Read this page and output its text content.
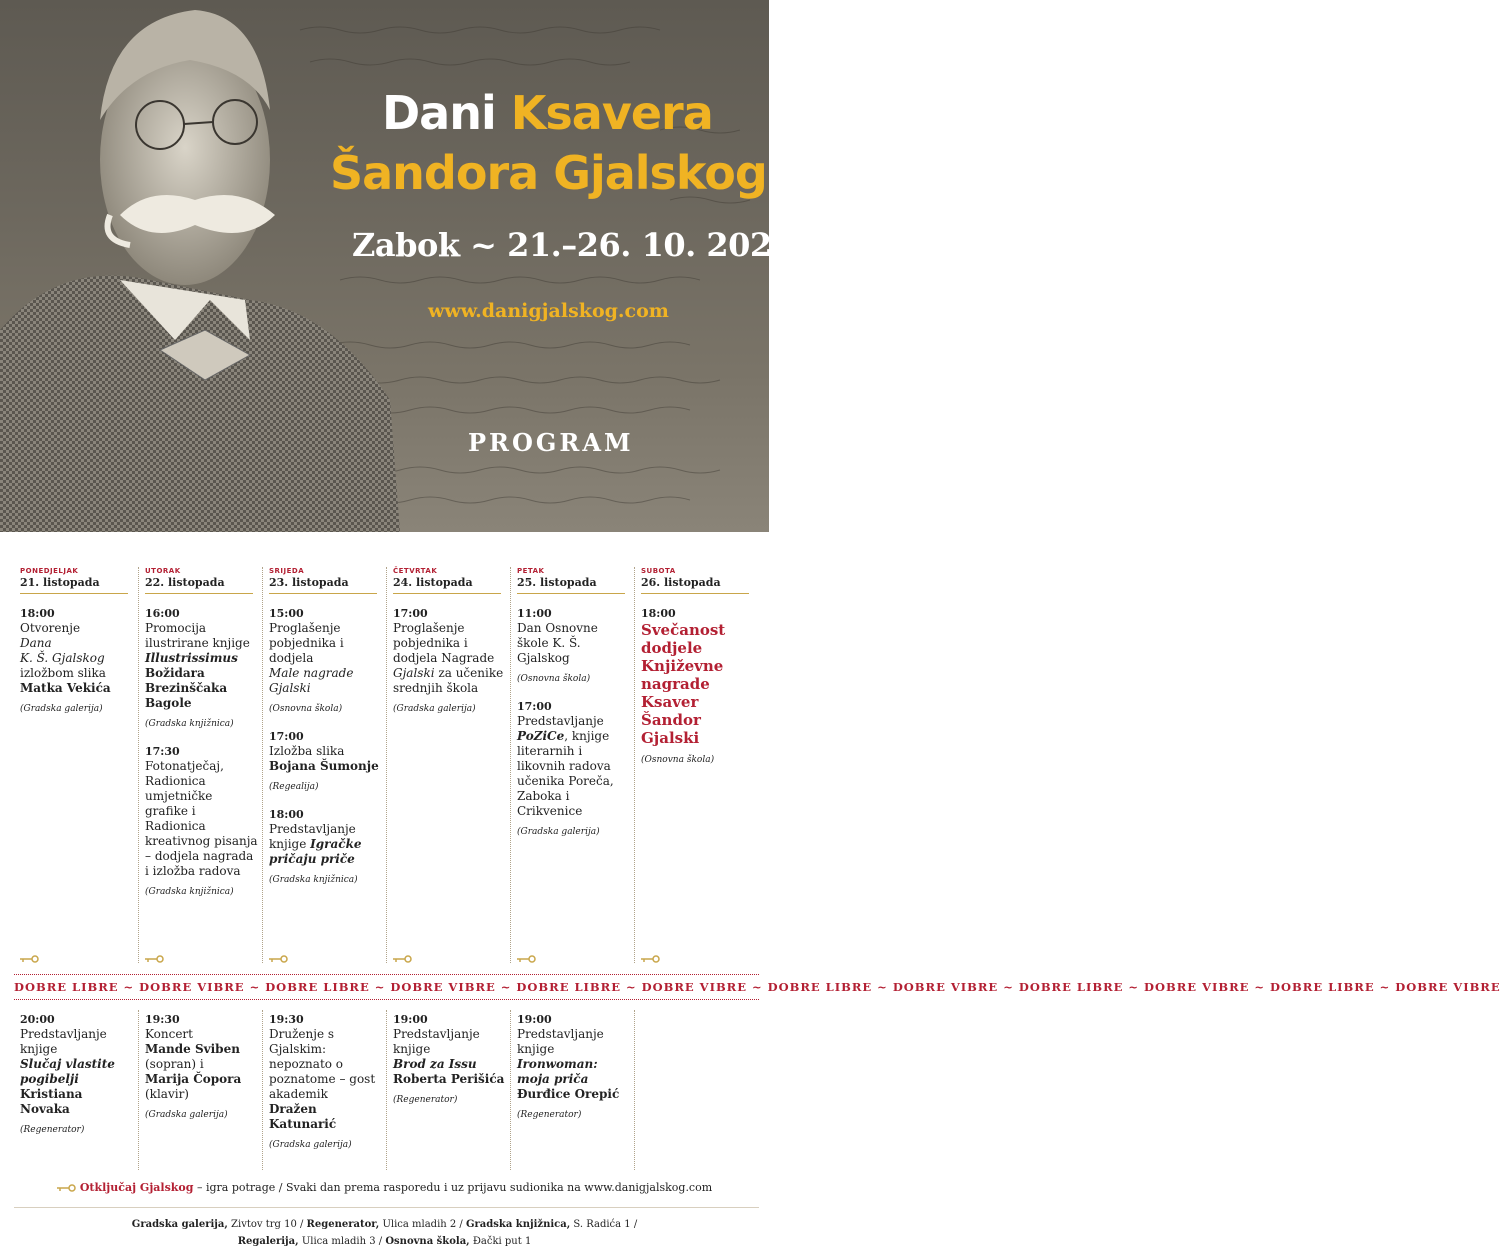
Dani Ksavera
Šandora Gjalskog
Zabok ~ 21.–26. 10. 2024.
www.danigjalskog.com
PROGRAM
PONEDJELJAK
21. listopada
18:00
Otvorenje
Dana
K. Š. Gjalskog izložbom slika
Matka Vekića
(Gradska galerija)
UTORAK
22. listopada
16:00
Promocija
ilustrirane knjige
Illustrissimus
Božidara
Brezinščaka
Bagole
(Gradska knjižnica)
17:30
Fotonatječaj, Radionica umjetničke grafike i Radionica kreativnog pisanja – dodjela nagrada i izložba radova
(Gradska knjižnica)
SRIJEDA
23. listopada
15:00
Proglašenje pobjednika i dodjela
Male nagrade Gjalski
(Osnovna škola)
17:00
Izložba slika
Bojana Šumonje
(Regealija)
18:00
Predstavljanje knjige Igračke pričaju priče
(Gradska knjižnica)
ČETVRTAK
24. listopada
17:00
Proglašenje pobjednika i dodjela Nagrade Gjalski za učenike srednjih škola
(Gradska galerija)
PETAK
25. listopada
11:00
Dan Osnovne škole K. Š. Gjalskog
(Osnovna škola)
17:00
Predstavljanje
PoZiCe, knjige literarnih i likovnih radova učenika Poreča, Zaboka i Crikvenice
(Gradska galerija)
SUBOTA
26. listopada
18:00
Svečanost dodjele Književne nagrade Ksaver Šandor Gjalski
(Osnovna škola)
DOBRE LIBRE ~ DOBRE VIBRE ~ DOBRE LIBRE ~ DOBRE VIBRE ~ DOBRE LIBRE ~ DOBRE VIBRE ~ DOBRE LIBRE ~ DOBRE VIBRE ~ DOBRE LIBRE ~ DOBRE VIBRE ~ DOBRE LIBRE ~ DOBRE VIBRE
20:00
Predstavljanje knjige
Slučaj vlastite pogibelji
Kristiana Novaka
(Regenerator)
19:30
Koncert
Mande Sviben
(sopran) i
Marija Čopora
(klavir)
(Gradska galerija)
19:30
Druženje s Gjalskim: nepoznato o poznatome – gost akademik
Dražen Katunarić
(Gradska galerija)
19:00
Predstavljanje knjige
Brod za Issu
Roberta Perišića
(Regenerator)
19:00
Predstavljanje knjige Ironwoman: moja priča
Đurđice Orepić
(Regenerator)
Otključaj Gjalskog – igra potrage / Svaki dan prema rasporedu i uz prijavu sudionika na www.danigjalskog.com
Gradska galerija, Zivtov trg 10 / Regenerator, Ulica mladih 2 / Gradska knjižnica, S. Radića 1 /
Regalerija, Ulica mladih 3 / Osnovna škola, Đački put 1
